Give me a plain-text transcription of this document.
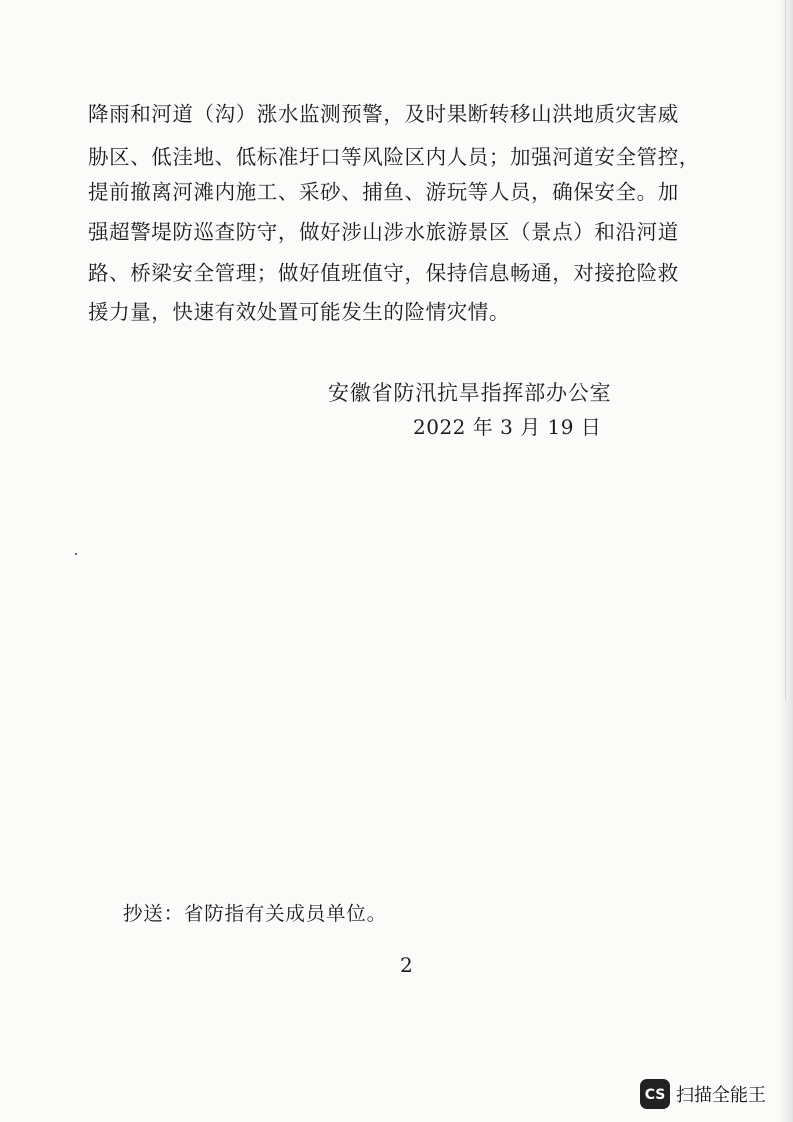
降雨和河道（沟）涨水监测预警，及时果断转移山洪地质灾害威
胁区、低洼地、低标准圩口等风险区内人员；加强河道安全管控，
提前撤离河滩内施工、采砂、捕鱼、游玩等人员，确保安全。加
强超警堤防巡查防守，做好涉山涉水旅游景区（景点）和沿河道
路、桥梁安全管理；做好值班值守，保持信息畅通，对接抢险救
援力量，快速有效处置可能发生的险情灾情。
安徽省防汛抗旱指挥部办公室
2022 年 3 月 19 日
抄送：省防指有关成员单位。
2
CS 扫描全能王
